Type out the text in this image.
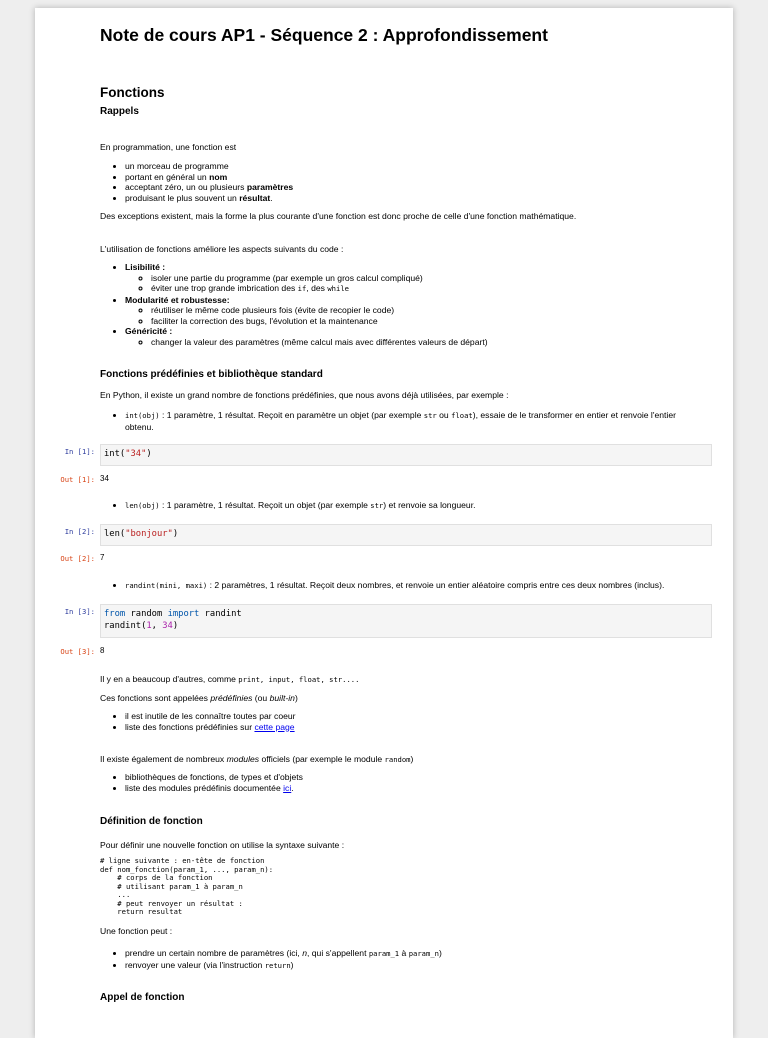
Note de cours AP1 - Séquence 2 : Approfondissement
Fonctions
Rappels

En programmation, une fonction est

• un morceau de programme
• portant en général un nom
• acceptant zéro, un ou plusieurs paramètres
• produisant le plus souvent un résultat.

Des exceptions existent, mais la forme la plus courante d'une fonction est donc proche de celle d'une fonction mathématique.

L'utilisation de fonctions améliore les aspects suivants du code :

• Lisibilité :
◦ isoler une partie du programme (par exemple un gros calcul compliqué)
◦ éviter une trop grande imbrication des if, des while
• Modularité et robustesse:
◦ réutiliser le même code plusieurs fois (évite de recopier le code)
◦ faciliter la correction des bugs, l'évolution et la maintenance
• Généricité :
◦ changer la valeur des paramètres (même calcul mais avec différentes valeurs de départ)
Fonctions prédéfinies et bibliothèque standard

En Python, il existe un grand nombre de fonctions prédéfinies, que nous avons déjà utilisées, par exemple :

• int(obj) : 1 paramètre, 1 résultat. Reçoit en paramètre un objet (par exemple str ou float), essaie de le transformer en entier et renvoie l'entier
obtenu.
In [1]:	int("34")
Out [1]: 34
• len(obj) : 1 paramètre, 1 résultat. Reçoit un objet (par exemple str) et renvoie sa longueur.
In [2]:	len("bonjour")
Out [2]: 7
• randint(mini, maxi) : 2 paramètres, 1 résultat. Reçoit deux nombres, et renvoie un entier aléatoire compris entre ces deux nombres (inclus).
In [3]:	from random import randint
randint(1, 34)
Out [3]: 8

Il y en a beaucoup d'autres, comme print, input, float, str....

Ces fonctions sont appelées prédéfinies (ou built-in)

• il est inutile de les connaître toutes par coeur
• liste des fonctions prédéfinies sur cette page

Il existe également de nombreux modules officiels (par exemple le module random)

• bibliothèques de fonctions, de types et d'objets
• liste des modules prédéfinis documentée ici.
Définition de fonction

Pour définir une nouvelle fonction on utilise la syntaxe suivante :

# ligne suivante : en-tête de fonction
def nom_fonction(param_1, ..., param_n):
# corps de la fonction
# utilisant param_1 à param_n
...
# peut renvoyer un résultat :
return resultat

Une fonction peut :

• prendre un certain nombre de paramètres (ici, n, qui s'appellent param_1 à param_n)
• renvoyer une valeur (via l'instruction return)
Appel de fonction
